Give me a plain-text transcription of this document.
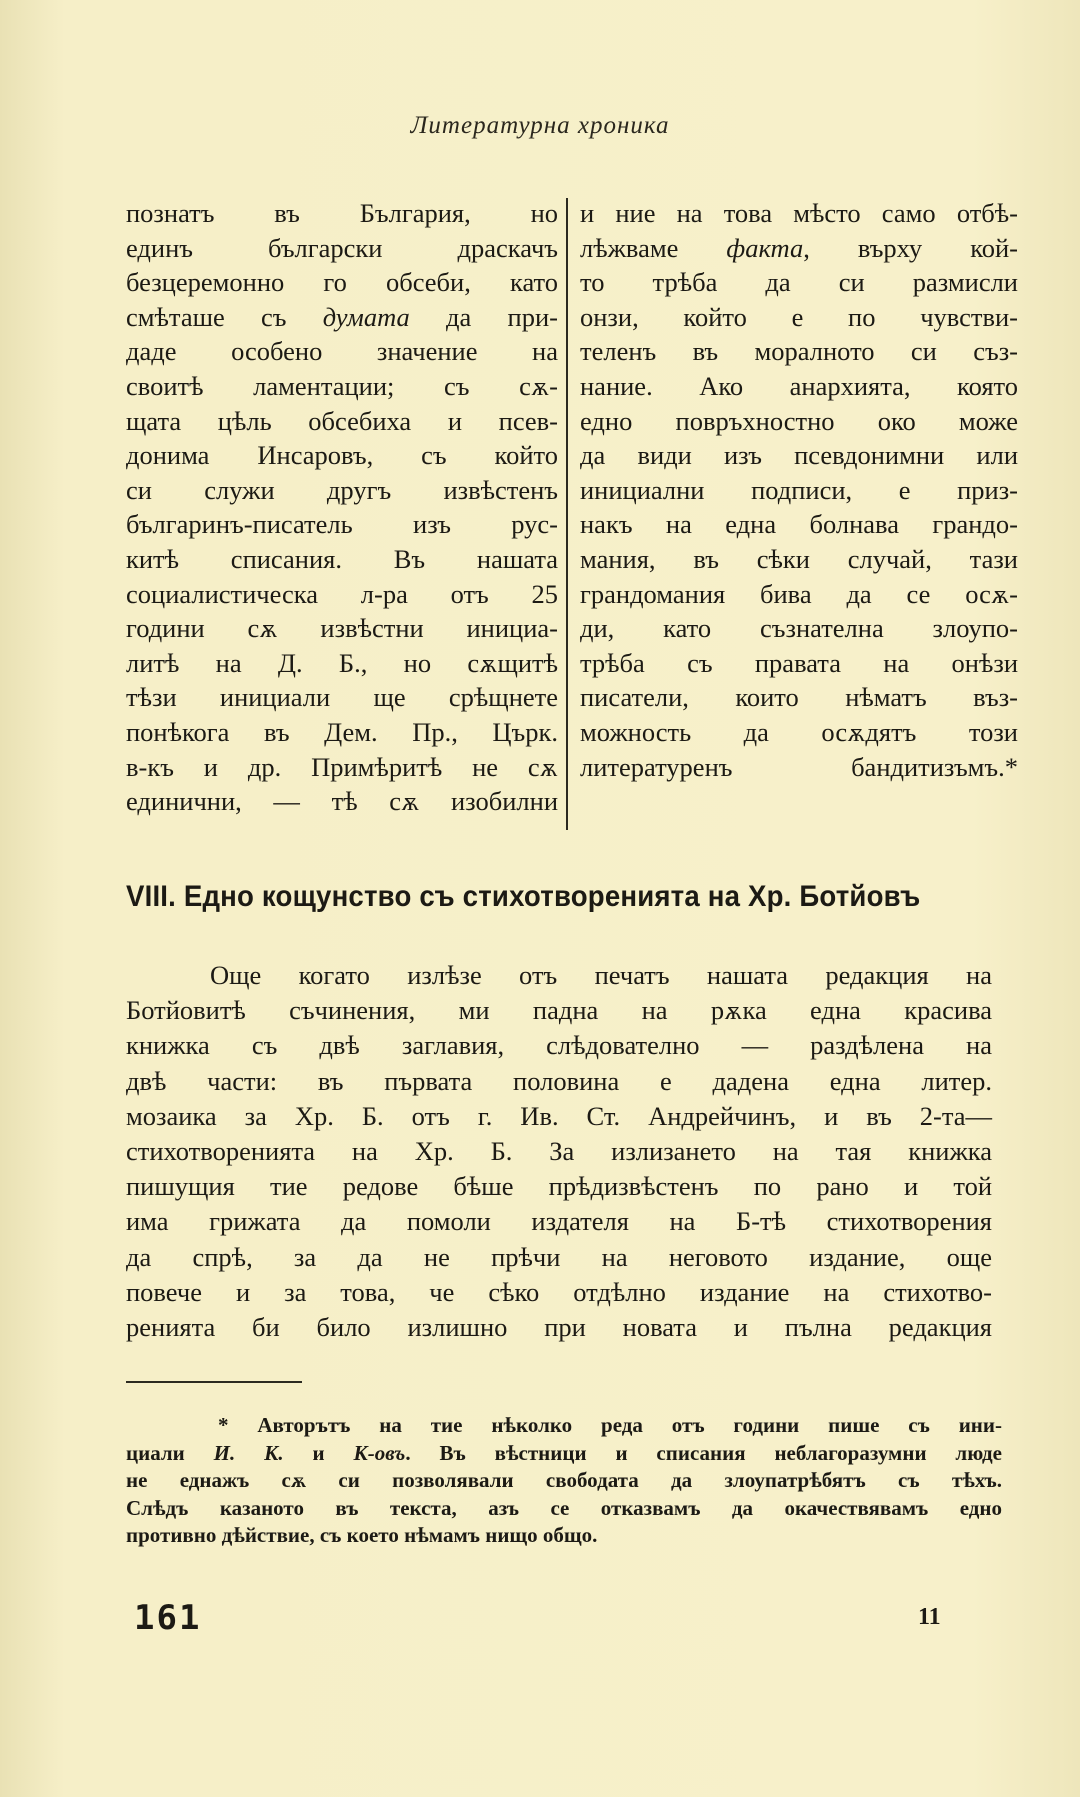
Литературна хроника
познатъ въ България, но
единъ български драскачъ
безцеремонно го обсеби, като
смѣташе съ думата да при-
даде особено значение на
своитѣ ламентации; съ сѫ-
щата цѣль обсебиха и псев-
донима Инсаровъ, съ който
си служи другъ извѣстенъ
българинъ-писатель изъ рус-
китѣ списания. Въ нашата
социалистическа л-ра отъ 25
години сѫ извѣстни инициа-
литѣ на Д. Б., но сѫщитѣ
тѣзи инициали ще срѣщнете
понѣкога въ Дем. Пр., Църк.
в-къ и др. Примѣритѣ не сѫ
единични, — тѣ сѫ изобилни
и ние на това мѣсто само отбѣ-
лѣжваме факта, върху кой-
то трѣба да си размисли
онзи, който е по чувстви-
теленъ въ моралното си съз-
нание. Ако анархията, която
едно повръхностно око може
да види изъ псевдонимни или
инициални подписи, е приз-
накъ на една болнава грандо-
мания, въ сѣки случай, тази
грандомания бива да се осѫ-
ди, като съзнателна злоупо-
трѣба съ правата на онѣзи
писатели, които нѣматъ въз-
можность да осѫдятъ този
литературенъ бандитизъмъ.*
VIII. Едно кощунство съ стихотворенията на Хр. Ботйовъ
Още когато излѣзе отъ печатъ нашата редакция на
Ботйовитѣ съчинения, ми падна на рѫка една красива
книжка съ двѣ заглавия, слѣдователно — раздѣлена на
двѣ части: въ първата половина е дадена една литер.
мозаика за Хр. Б. отъ г. Ив. Ст. Андрейчинъ, и въ 2-та—
стихотворенията на Хр. Б. За излизането на тая книжка
пишущия тие редове бѣше прѣдизвѣстенъ по рано и той
има грижата да помоли издателя на Б-тѣ стихотворения
да спрѣ, за да не прѣчи на неговото издание, още
повече и за това, че сѣко отдѣлно издание на стихотво-
ренията би било излишно при новата и пълна редакция
* Авторътъ на тие нѣколко реда отъ години пише съ ини-
циали И. К. и К-овъ. Въ вѣстници и списания неблагоразумни люде
не еднажъ сѫ си позволявали свободата да злоупатрѣбятъ съ тѣхъ.
Слѣдъ казаното въ текста, азъ се отказвамъ да окачествявамъ едно
противно дѣйствие, съ което нѣмамъ нищо общо.
161	11
